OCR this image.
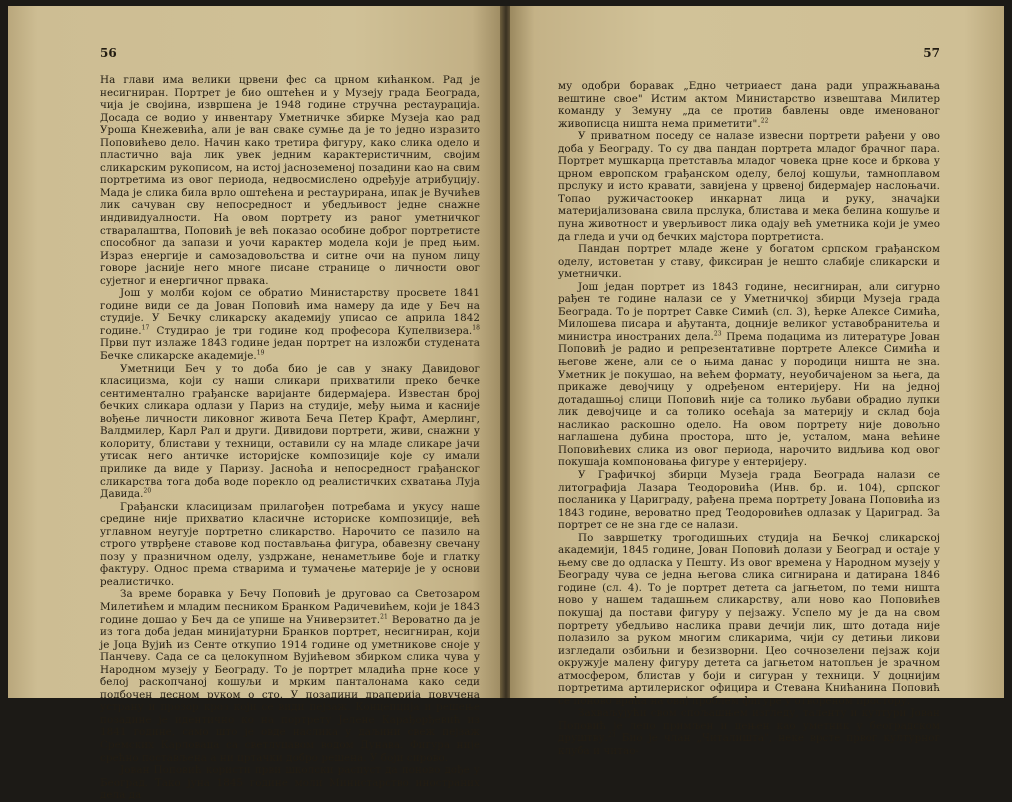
56

На глави има велики црвени фес са црном кићанком. Рад је несигниран. Портрет је био оштећен и у Музеју града Београда, чија је својина, извршена је 1948 године стручна рестаурација. Досада се водио у инвентару Уметничке збирке Музеја као рад Уроша Кнежевића, али је ван сваке сумње да је то једно изразито Поповићево дело. Начин како третира фигуру, како слика одело и пластично ваја лик увек једним карактеристичним, својим сликарским рукописом, на истој јасноземеној позадини као на свим портретима из овог периода, недвосмислено одређује атрибуцију. Мада је слика била врло оштећена и рестаурирана, ипак је Вучићев лик сачуван сву непосредност и убедљивост једне снажне индивидуалности. На овом портрету из раног уметничког стваралаштва, Поповић је већ показао особине доброг портретисте способног да запази и уочи карактер модела који је пред њим. Израз енергије и самозадовољства и ситне очи на пуном лицу говоре јасније него многе писане странице о личности овог суjетног и енергичног првака.

Још у молби којом се обратио Министарству просвете 1841 године види се да Јован Поповић има намеру да иде у Беч на студије. У Бечку сликарску академију уписао се априла 1842 године.$^{17}$ Студирао је три године код професора Купелвизера.$^{18}$ Први пут излаже 1843 године један портрет на изложби студената Бечке сликарске академије.$^{19}$

Уметници Беч у то доба био је сав у знаку Давидовог класицизма, који су наши сликари прихватили преко бечке сентиментално грађанске варијанте бидермајера. Известан број бечких сликара одлази у Париз на студије, међу њима и касније вођење личности ликовног живота Беча Петер Крафт, Амерлинг, Валдмилер, Карл Рал и други. Дивидови портрети, живи, снажни у колориту, блистави у техници, оставили су на младе сликаре јачи утисак него античке историјске композиције које су имали прилике да виде у Паризу. Јасноћа и непосредност грађанског сликарства тога доба воде порекло од реалистичких схватања Луја Давида.$^{20}$

Грађански класицизам прилагођен потребама и укусу наше средине није прихватио класичне историске композиције, већ углавном неугује портретно сликарство. Нарочито се пазило на строго утврђене ставове код постављања фигура, обавезну свечану позу у празничном оделу, уздржане, ненаметљиве боје и глатку фактуру. Однос према стварима и тумачење материје је у основи реалистичко.

За време боравка у Бечу Поповић је друговао са Светозаром Милетићем и младим песником Бранком Радичевићем, који је 1843 године дошао у Беч да се упише на Универзитет.$^{21}$ Вероватно да је из тога доба један минијатурни Бранков портрет, несигниран, који је Јоца Вујић из Сенте откупио 1914 године од уметникове сноје у Панчеву. Сада се са целокупном Вујићевом збирком слика чува у Народном музеју у Београду. То је портрет младића прне косе у белој раскопчаној кошуљи и мрким панталонама како седи подбочен десном руком о сто. У позадини драперија повучена устрану и прозор кроз који се види пејзаж. Концепција и решење позадине је идентично ко на портрету Јелене Карађорђевић из 1841 године, само што је овде наслика у даљини свеж пејзаж Сремских Карловаца са светлуцавом водом Дунава. Фигура није срећно постављена а ни цртачки добро решена. У бoји сирово.

Јован Поповић користи први школски распуст да поново дође у Београд. Тако јуна 1845 године моли Министарство иностраних дела да

57

му одобри боравак „Едно четриаест дана ради упражњавања вештине свое" Истим актом Министарство извештава Милитер команду у Земуну „да се против бавлены овде именованог живописца ништа нема приметити".$^{22}$

У приватном поседу се налазе извесни портрети рађени у ово доба у Београду. То су два пандан портрета младог брачног пара. Портрет мушкарца претставља младог човека црне косе и бркова у црном европском грађанском оделу, белој кошуљи, тамноплавом прслуку и исто кравати, завијена у црвеној бидермајер наслоњачи. Топао ружичастоокер инкарнат лица и руку, значајки материјализована свила прслука, блистава и мека белина кошуље и пуна животност и уверљивост лика одају већ уметника који је умео да гледа и учи од бечких мајстора портретиста.

Пандан портрет младе жене у богатом српском грађанском оделу, истоветан у ставу, фиксиран је нешто слабије сликарски и уметнички.

Још један портрет из 1843 године, несигниран, али сигурно рађен те године налази се у Уметничкој збирци Музеја града Београда. То је портрет Савке Симић (сл. 3), ћерке Алексе Симића, Милошева писара и ађутанта, доцније великог уставобранитеља и министра иностраних дела.$^{23}$ Према подацима из литературе Јован Поповић је радио и репрезентативне портрете Алексе Симића и његове жене, али се о њима данас у породици ништа не зна. Уметник је покушао, на већем формату, неуобичајеном за њега, да прикаже девојчицу у одређеном ентеријеру. Ни на једној дотадашњој слици Поповић није са толико љубави обрадио лупки лик девојчице и са толико осећаја за материју и склад боја насликао раскошно одело. На овом портрету није довољно наглашена дубина простора, што је, усталом, мана већине Поповићевих слика из овог периода, нарочито видљива код овог покушаја компоновања фигуре у ентеријеру.

У Графичкој збирци Музеја града Београда налази се литографија Лазара Теодоровића (Инв. бр. и. 104), српског посланика у Цариграду, рађена према портрету Јована Поповића из 1843 године, вероватно пред Теодоровићев одлазак у Цариград. За портрет се не зна где се налази.

По завршетку трогодишњих студија на Бечкој сликарској академији, 1845 године, Јован Поповић долази у Београд и остаје у њему све до одласка у Пешту. Из овог времена у Народном музеју у Београду чува се једна његова слика сигнирана и датирана 1846 године (сл. 4). То је портрет детета са јагњетом, по теми ништа ново у нашем тадашњем сликарству, али ново као Поповићев покушај да постави фигуру у пејзажу. Успело му је да на свом портрету убедљиво наслика прави дечији лик, што дотада није полазило за руком многим сликарима, чији су детињи ликови изгледали озбиљни и безизворни. Цео сочнозелени пејзаж који окружује малену фигуру детета са јагњетом натопљен је зрачном атмосфером, блистав у боји и сигуран у техници. У доцнијим портретима артилериског официра и Стевана Книћанина Поповић се поново враћа на овај проблем фигуре у отвореном простору.

Захваљујући свом спољашњем изгледу, таленту и култури Јован Поповић је лепо примљен и цењен као уметник у београдском друштву.$^{24}$ Био је члан „Читалишта", неке врсте првог културног клуба и читао-
